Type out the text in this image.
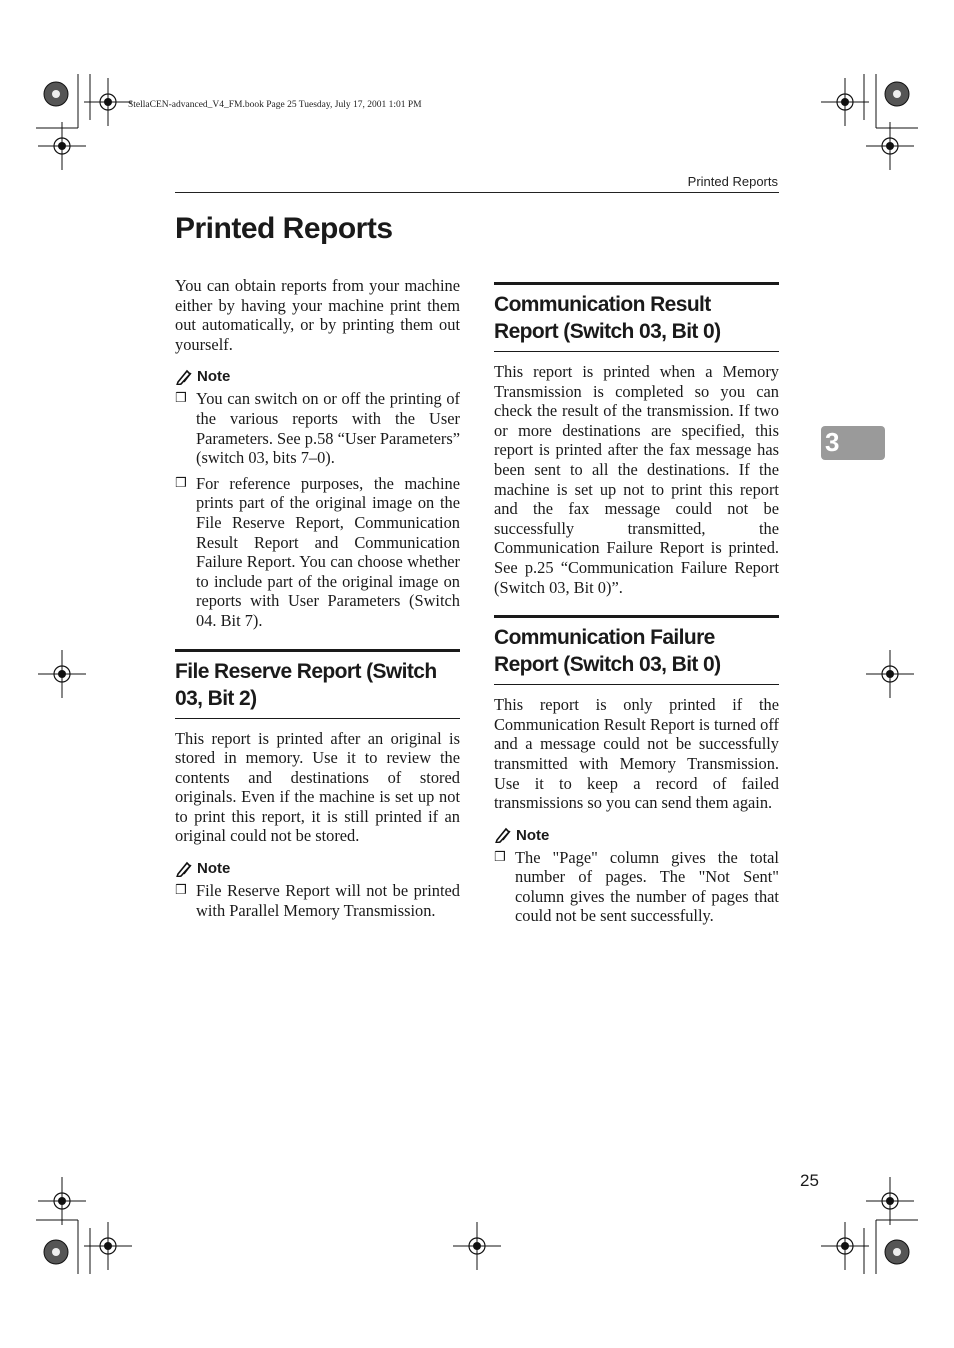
StellaCEN-advanced_V4_FM.book Page 25 Tuesday, July 17, 2001 1:01 PM
Printed Reports
Printed Reports

You can obtain reports from your machine either by having your machine print them out automatically, or by printing them out yourself.

Note
❒ You can switch on or off the printing of the various reports with the User Parameters. See p.58 “User Parameters” (switch 03, bits 7–0).

❒ For reference purposes, the machine prints part of the original image on the File Reserve Report, Communication Result Report and Communication Failure Report. You can choose whether to include part of the original image on reports with User Parameters (Switch 04. Bit 7).

File Reserve Report (Switch 03, Bit 2)

This report is printed after an original is stored in memory. Use it to review the contents and destinations of stored originals. Even if the machine is set up not to print this report, it is still printed if an original could not be stored.

Note
❒ File Reserve Report will not be printed with Parallel Memory Transmission.

Communication Result Report (Switch 03, Bit 0)

This report is printed when a Memory Transmission is completed so you can check the result of the transmission. If two or more destinations are specified, this report is printed after the fax message has been sent to all the destinations. If the machine is set up not to print this report and the fax message could not be successfully transmitted, the Communication Failure Report is printed. See p.25 “Communication Failure Report (Switch 03, Bit 0)”.

Communication Failure Report (Switch 03, Bit 0)

This report is only printed if the Communication Result Report is turned off and a message could not be successfully transmitted with Memory Transmission. Use it to keep a record of failed transmissions so you can send them again.

Note
❒ The "Page" column gives the total number of pages. The "Not Sent" column gives the number of pages that could not be sent successfully.

3
25
